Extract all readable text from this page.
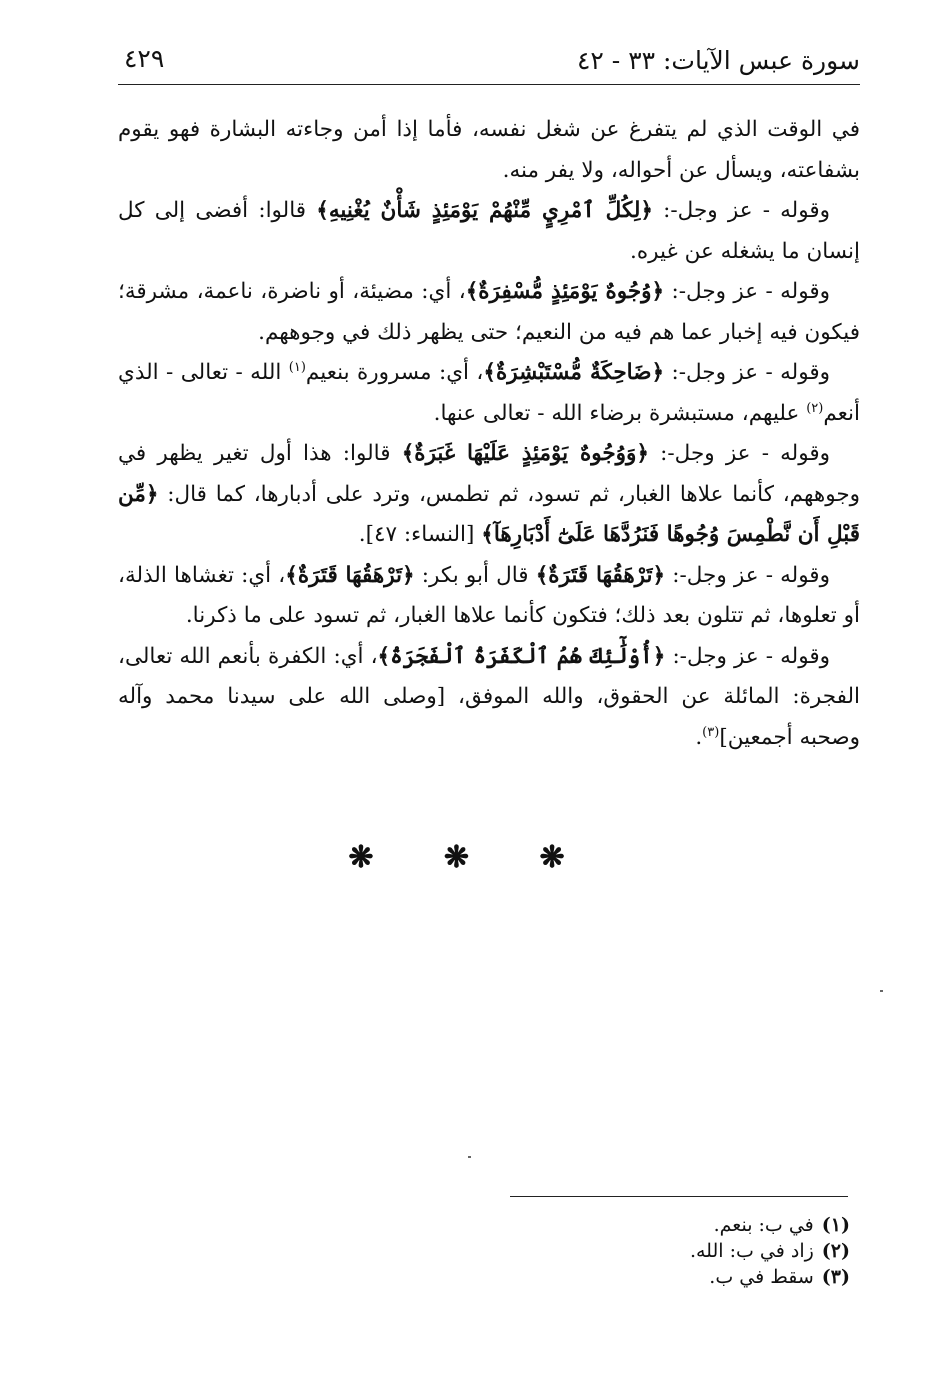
سورة عبس الآيات: ٣٣ - ٤٢
٤٢٩

في الوقت الذي لم يتفرغ عن شغل نفسه، فأما إذا أمن وجاءته البشارة فهو يقوم بشفاعته، ويسأل عن أحواله، ولا يفر منه.

وقوله - عز وجل-: ﴿لِكُلِّ ٱمْرِيٍ مِّنْهُمْ يَوْمَئِذٍ شَأْنٌ يُغْنِيهِ﴾ قالوا: أفضى إلى كل إنسان ما يشغله عن غيره.

وقوله - عز وجل-: ﴿وُجُوهٌ يَوْمَئِذٍ مُّسْفِرَةٌ﴾، أي: مضيئة، أو ناضرة، ناعمة، مشرقة؛ فيكون فيه إخبار عما هم فيه من النعيم؛ حتى يظهر ذلك في وجوههم.

وقوله - عز وجل-: ﴿ضَاحِكَةٌ مُّسْتَبْشِرَةٌ﴾، أي: مسرورة بنعيم$^{(١)}$ الله - تعالى - الذي أنعم$^{(٢)}$ عليهم، مستبشرة برضاء الله - تعالى عنها.

وقوله - عز وجل-: ﴿وَوُجُوهٌ يَوْمَئِذٍ عَلَيْهَا غَبَرَةٌ﴾ قالوا: هذا أول تغير يظهر في وجوههم، كأنما علاها الغبار، ثم تسود، ثم تطمس، وترد على أدبارها، كما قال: ﴿مِّن قَبْلِ أَن نَّطْمِسَ وُجُوهًا فَنَرُدَّهَا عَلَىٰٓ أَدْبَارِهَآ﴾ [النساء: ٤٧].

وقوله - عز وجل-: ﴿تَرْهَقُهَا قَتَرَةٌ﴾ قال أبو بكر: ﴿تَرْهَقُهَا قَتَرَةٌ﴾، أي: تغشاها الذلة، أو تعلوها، ثم تتلون بعد ذلك؛ فتكون كأنما علاها الغبار، ثم تسود على ما ذكرنا.

وقوله - عز وجل-: ﴿أُوْلَٰٓئِكَ هُمُ ٱلْكَفَرَةُ ٱلْفَجَرَةُ﴾، أي: الكفرة بأنعم الله تعالى، الفجرة: المائلة عن الحقوق، والله الموفق، [وصلى الله على سيدنا محمد وآله وصحبه أجمعين]$^{(٣)}$.

❋ ❋ ❋
(١)في ب: بنعم.
(٢)زاد في ب: الله.
(٣)سقط في ب.
